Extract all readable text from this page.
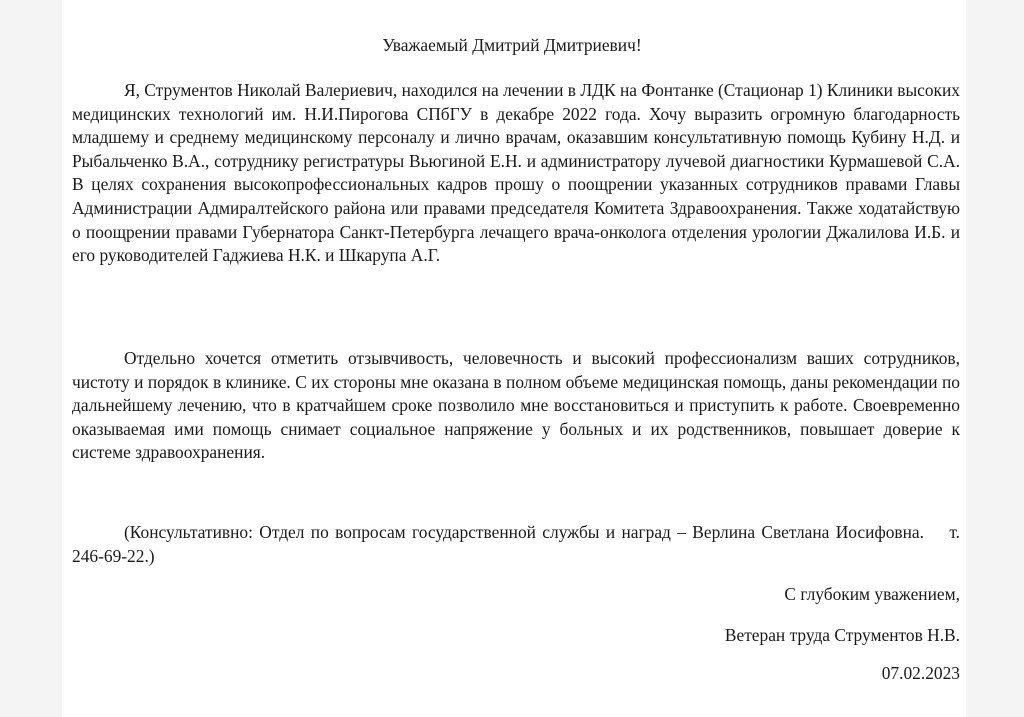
Уважаемый Дмитрий Дмитриевич!

Я, Струментов Николай Валериевич, находился на лечении в ЛДК на Фонтанке (Стационар 1) Клиники высоких медицинских технологий им. Н.И.Пирогова СПбГУ в декабре 2022 года. Хочу выразить огромную благодарность младшему и среднему медицинскому персоналу и лично врачам, оказавшим консультативную помощь Кубину Н.Д. и Рыбальченко В.А., сотруднику регистратуры Вьюгиной Е.Н. и администратору лучевой диагностики Курмашевой С.А. В целях сохранения высокопрофессиональных кадров прошу о поощрении указанных сотрудников правами Главы Администрации Адмиралтейского района или правами председателя Комитета Здравоохранения. Также ходатайствую о поощрении правами Губернатора Санкт-Петербурга лечащего врача-онколога отделения урологии Джалилова И.Б. и его руководителей Гаджиева Н.К. и Шкарупа А.Г.

Отдельно хочется отметить отзывчивость, человечность и высокий профессионализм ваших сотрудников, чистоту и порядок в клинике. С их стороны мне оказана в полном объеме медицинская помощь, даны рекомендации по дальнейшему лечению, что в кратчайшем сроке позволило мне восстановиться и приступить к работе. Своевременно оказываемая ими помощь снимает социальное напряжение у больных и их родственников, повышает доверие к системе здравоохранения.

(Консультативно: Отдел по вопросам государственной службы и наград – Верлина Светлана Иосифовна.    т. 246-69-22.)

С глубоким уважением,
Ветеран труда Струментов Н.В.
07.02.2023
